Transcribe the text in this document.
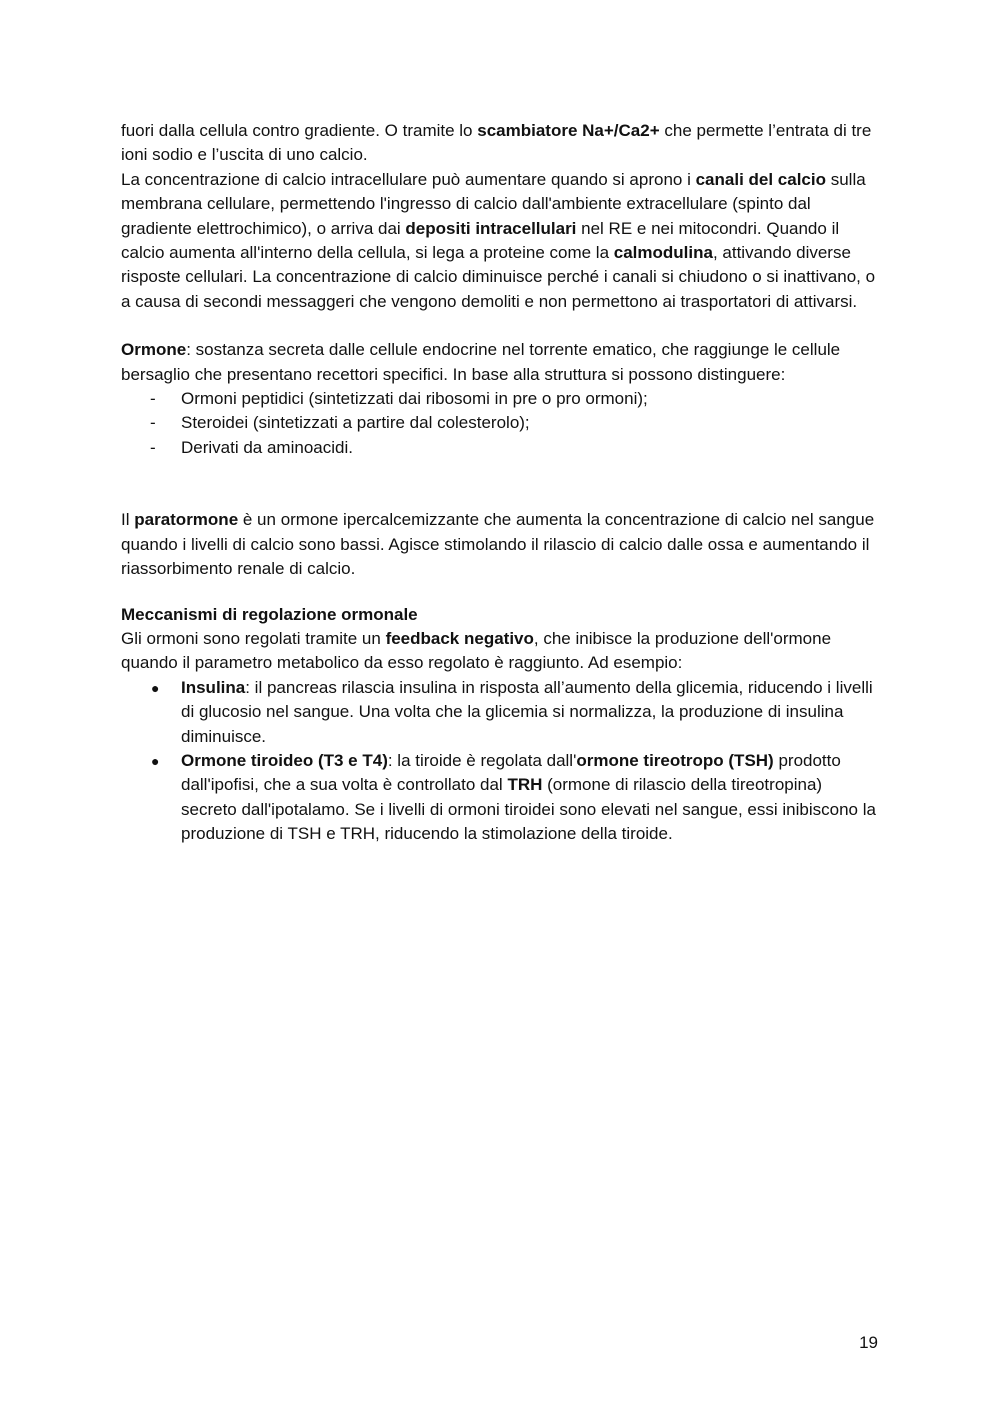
fuori dalla cellula contro gradiente. O tramite lo scambiatore Na+/Ca2+ che permette l’entrata di tre ioni sodio e l’uscita di uno calcio.

La concentrazione di calcio intracellulare può aumentare quando si aprono i canali del calcio sulla membrana cellulare, permettendo l'ingresso di calcio dall'ambiente extracellulare (spinto dal gradiente elettrochimico), o arriva dai depositi intracellulari nel RE e nei mitocondri. Quando il calcio aumenta all'interno della cellula, si lega a proteine come la calmodulina, attivando diverse risposte cellulari. La concentrazione di calcio diminuisce perché i canali si chiudono o si inattivano, o a causa di secondi messaggeri che vengono demoliti e non permettono ai trasportatori di attivarsi.

Ormone: sostanza secreta dalle cellule endocrine nel torrente ematico, che raggiunge le cellule bersaglio che presentano recettori specifici. In base alla struttura si possono distinguere:

- Ormoni peptidici (sintetizzati dai ribosomi in pre o pro ormoni);
- Steroidei (sintetizzati a partire dal colesterolo);
- Derivati da aminoacidi.

Il paratormone è un ormone ipercalcemizzante che aumenta la concentrazione di calcio nel sangue quando i livelli di calcio sono bassi. Agisce stimolando il rilascio di calcio dalle ossa e aumentando il riassorbimento renale di calcio.

Meccanismi di regolazione ormonale

Gli ormoni sono regolati tramite un feedback negativo, che inibisce la produzione dell'ormone quando il parametro metabolico da esso regolato è raggiunto. Ad esempio:

● Insulina: il pancreas rilascia insulina in risposta all’aumento della glicemia, riducendo i livelli di glucosio nel sangue. Una volta che la glicemia si normalizza, la produzione di insulina diminuisce.
● Ormone tiroideo (T3 e T4): la tiroide è regolata dall'ormone tireotropo (TSH) prodotto dall'ipofisi, che a sua volta è controllato dal TRH (ormone di rilascio della tireotropina) secreto dall'ipotalamo. Se i livelli di ormoni tiroidei sono elevati nel sangue, essi inibiscono la produzione di TSH e TRH, riducendo la stimolazione della tiroide.
19
